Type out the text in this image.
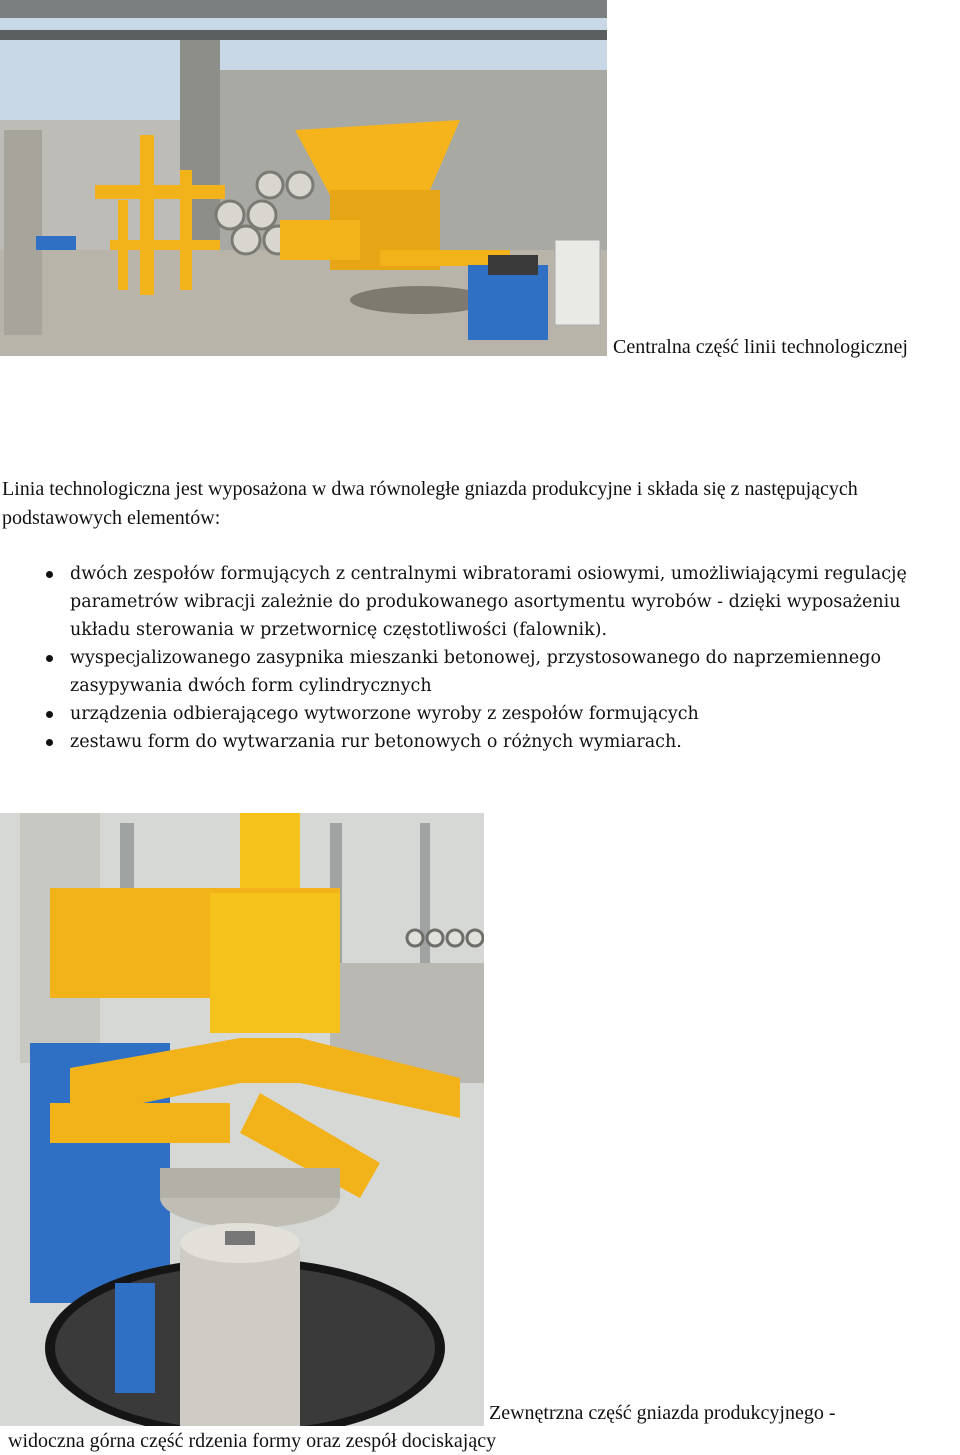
Centralna część linii technologicznej

Linia technologiczna jest wyposażona w dwa równoległe gniazda produkcyjne i składa się z następujących podstawowych elementów:

dwóch zespołów formujących z centralnymi wibratorami osiowymi, umożliwiającymi regulację parametrów wibracji zależnie do produkowanego asortymentu wyrobów - dzięki wyposażeniu układu sterowania w przetwornicę częstotliwości (falownik).
wyspecjalizowanego zasypnika mieszanki betonowej, przystosowanego do naprzemiennego zasypywania dwóch form cylindrycznych
urządzenia odbierającego wytworzone wyroby z zespołów formujących
zestawu form do wytwarzania rur betonowych o różnych wymiarach.
Zewnętrzna część gniazda produkcyjnego -
widoczna górna część rdzenia formy oraz zespół dociskający
